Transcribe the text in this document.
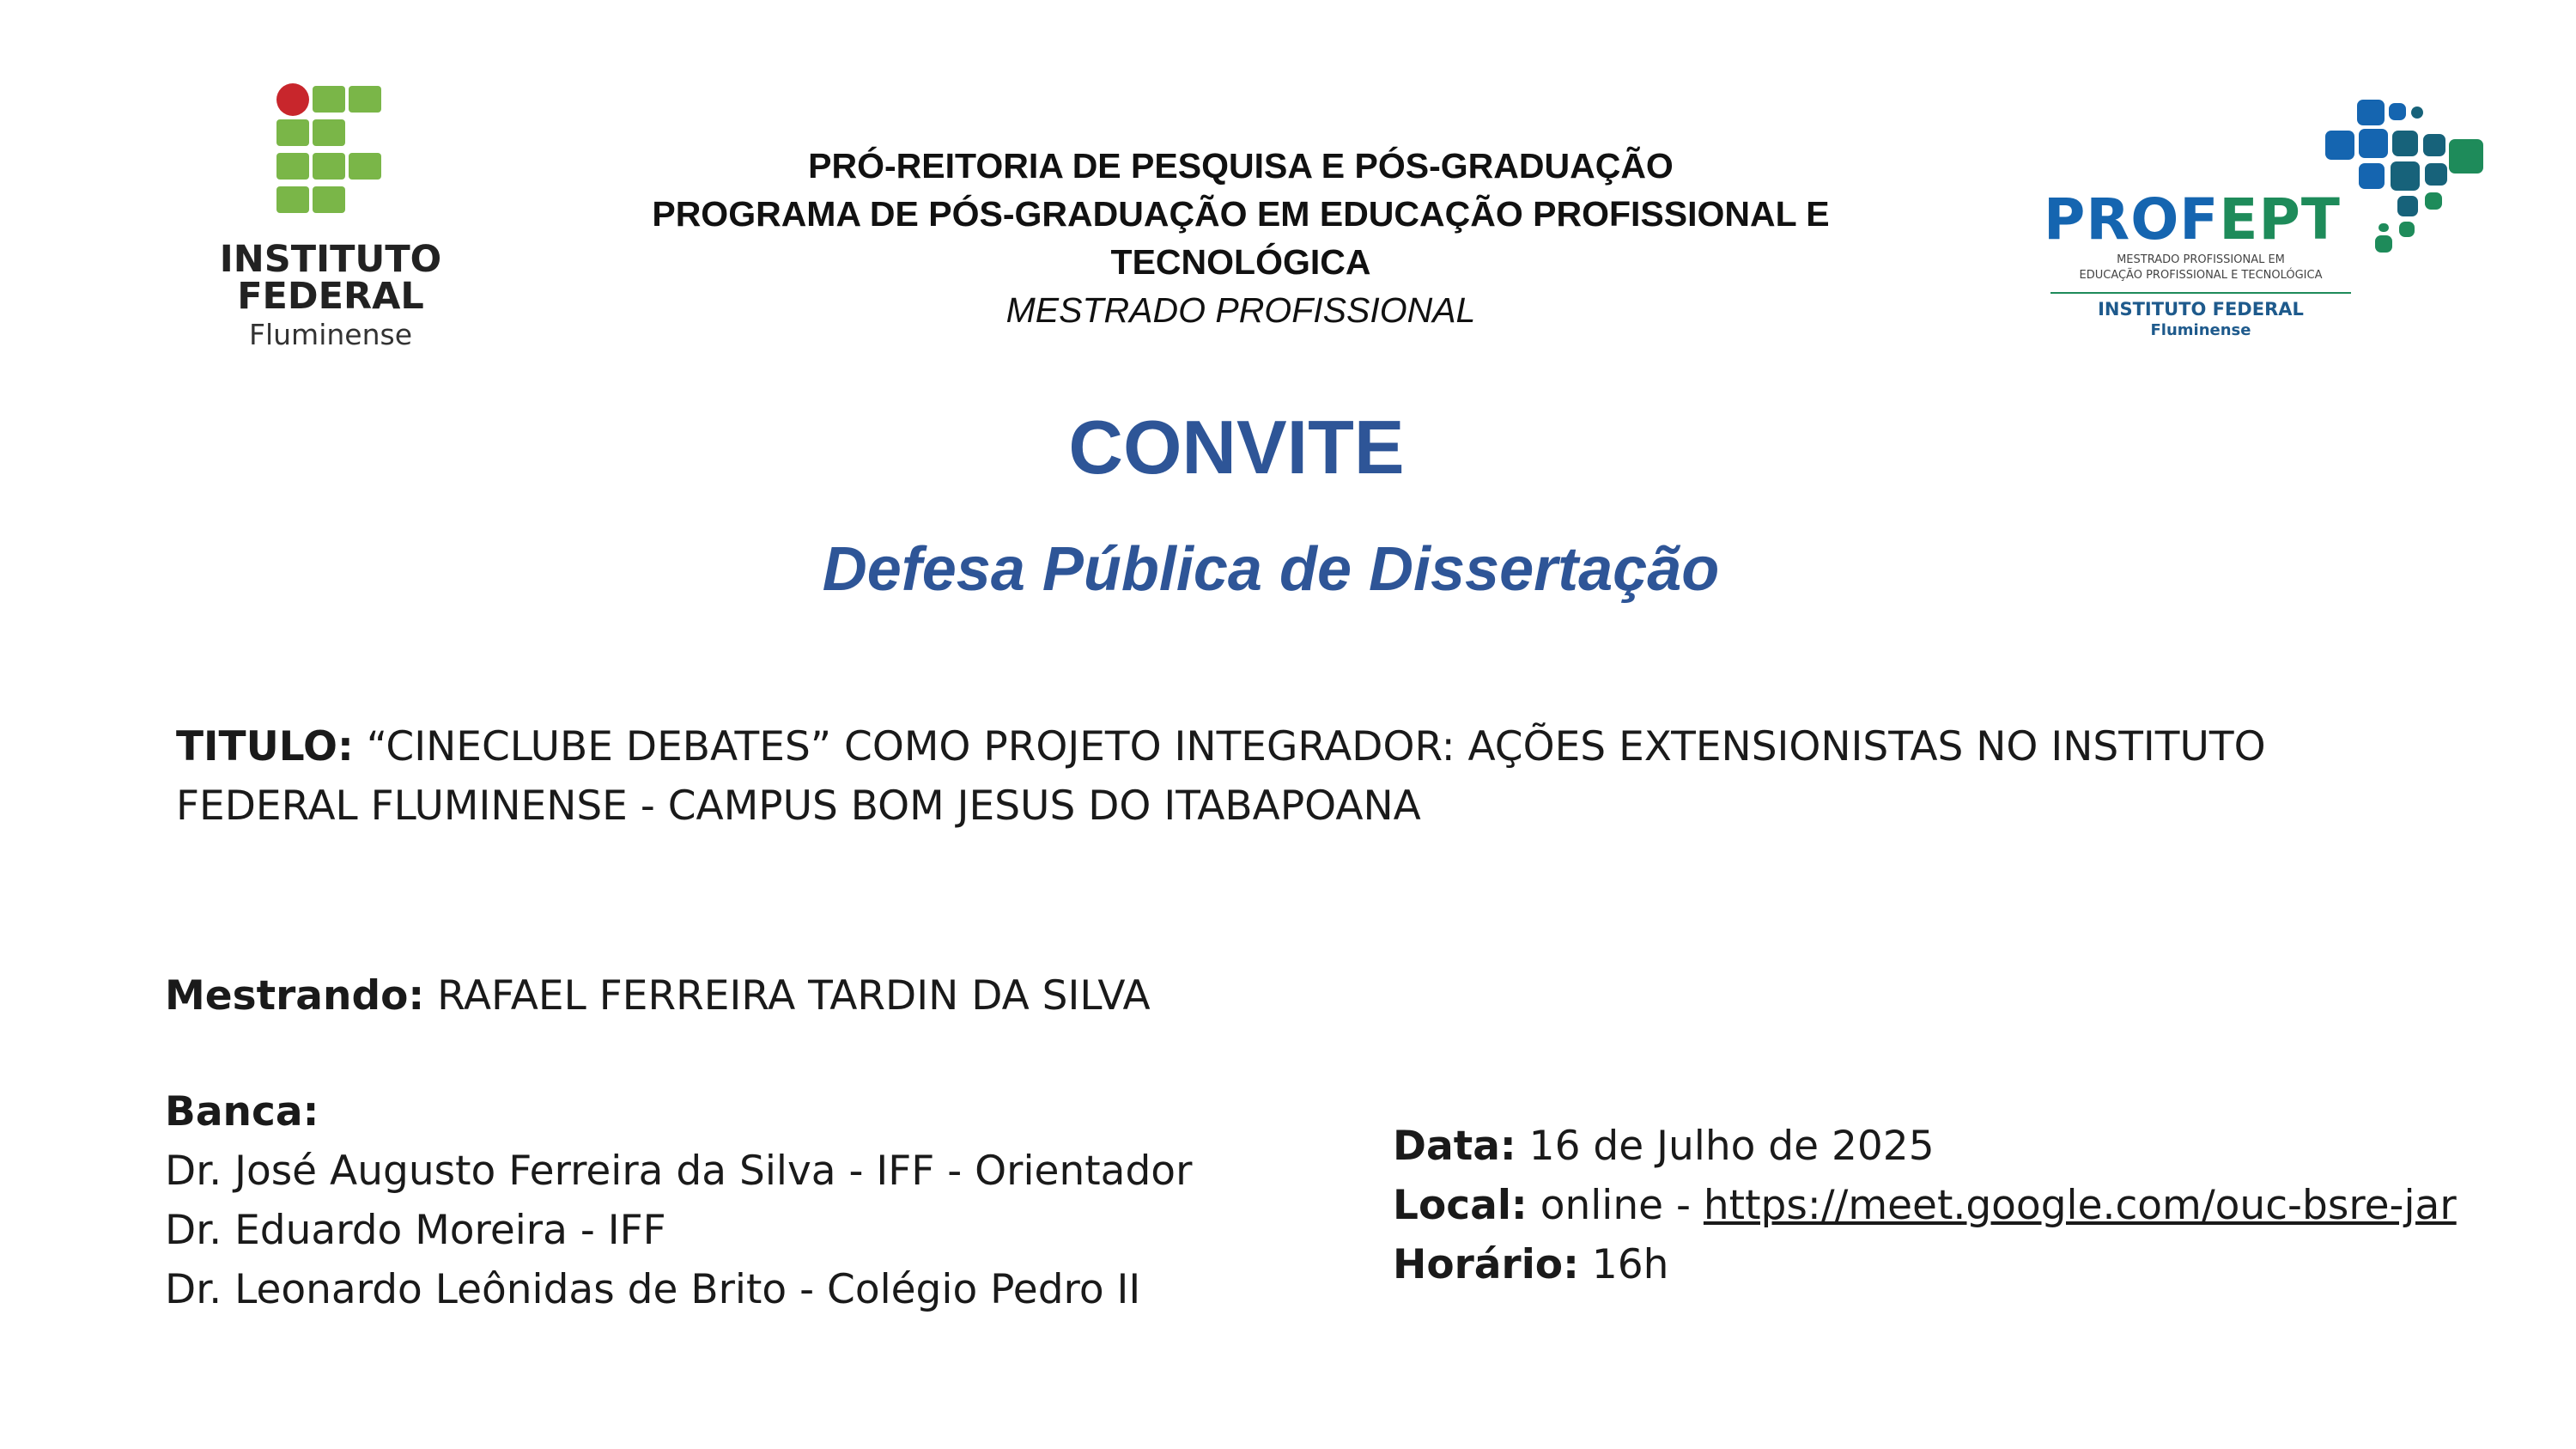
INSTITUTO
FEDERAL
Fluminense
PRÓ-REITORIA DE PESQUISA E PÓS-GRADUAÇÃO
PROGRAMA DE PÓS-GRADUAÇÃO EM EDUCAÇÃO PROFISSIONAL E
TECNOLÓGICA
MESTRADO PROFISSIONAL
PROFEPT
MESTRADO PROFISSIONAL EM
EDUCAÇÃO PROFISSIONAL E TECNOLÓGICA
INSTITUTO FEDERAL
Fluminense
CONVITE
Defesa Pública de Dissertação
TITULO: “CINECLUBE DEBATES” COMO PROJETO INTEGRADOR: AÇÕES EXTENSIONISTAS NO INSTITUTO FEDERAL FLUMINENSE - CAMPUS BOM JESUS DO ITABAPOANA
Mestrando: RAFAEL FERREIRA TARDIN DA SILVA
Banca:
Dr. José Augusto Ferreira da Silva - IFF - Orientador
Dr. Eduardo Moreira - IFF
Dr. Leonardo Leônidas de Brito - Colégio Pedro II
Data: 16 de Julho de 2025
Local: online - https://meet.google.com/ouc-bsre-jar
Horário: 16h
